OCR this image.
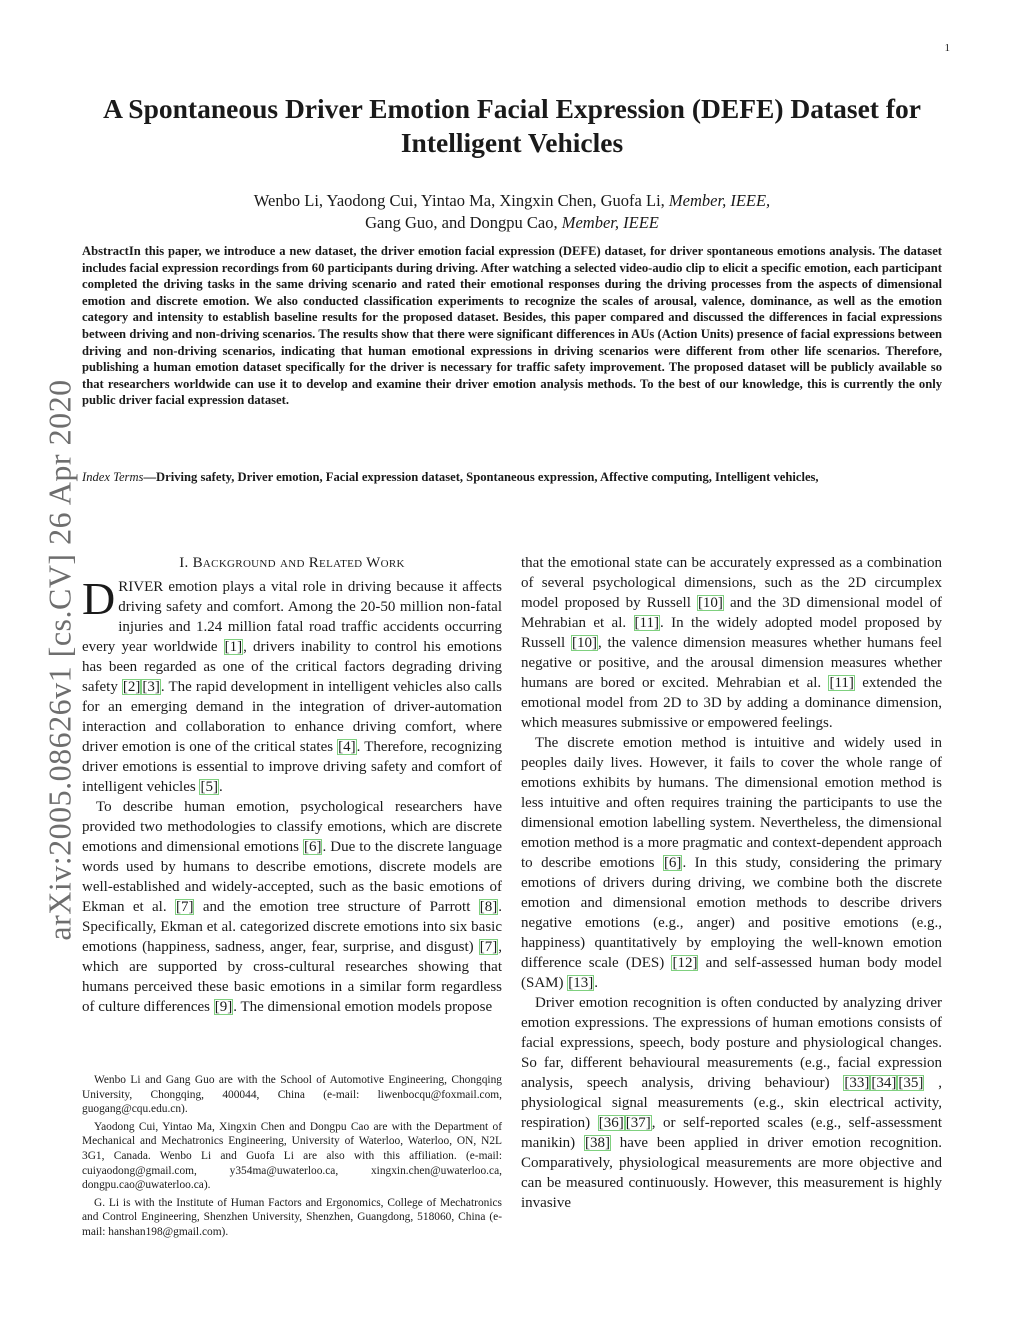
1
arXiv:2005.08626v1 [cs.CV] 26 Apr 2020
A Spontaneous Driver Emotion Facial Expression (DEFE) Dataset for Intelligent Vehicles
Wenbo Li, Yaodong Cui, Yintao Ma, Xingxin Chen, Guofa Li, Member, IEEE,
Gang Guo, and Dongpu Cao, Member, IEEE
AbstractIn this paper, we introduce a new dataset, the driver emotion facial expression (DEFE) dataset, for driver spontaneous emotions analysis. The dataset includes facial expression recordings from 60 participants during driving. After watching a selected video-audio clip to elicit a specific emotion, each participant completed the driving tasks in the same driving scenario and rated their emotional responses during the driving processes from the aspects of dimensional emotion and discrete emotion. We also conducted classification experiments to recognize the scales of arousal, valence, dominance, as well as the emotion category and intensity to establish baseline results for the proposed dataset. Besides, this paper compared and discussed the differences in facial expressions between driving and non-driving scenarios. The results show that there were significant differences in AUs (Action Units) presence of facial expressions between driving and non-driving scenarios, indicating that human emotional expressions in driving scenarios were different from other life scenarios. Therefore, publishing a human emotion dataset specifically for the driver is necessary for traffic safety improvement. The proposed dataset will be publicly available so that researchers worldwide can use it to develop and examine their driver emotion analysis methods. To the best of our knowledge, this is currently the only public driver facial expression dataset.
Index Terms—Driving safety, Driver emotion, Facial expression dataset, Spontaneous expression, Affective computing, Intelligent vehicles,
I. Background and Related Work

DRIVER emotion plays a vital role in driving because it affects driving safety and comfort. Among the 20-50 million non-fatal injuries and 1.24 million fatal road traffic accidents occurring every year worldwide [1], drivers inability to control his emotions has been regarded as one of the critical factors degrading driving safety [2] [3]. The rapid development in intelligent vehicles also calls for an emerging demand in the integration of driver-automation interaction and collaboration to enhance driving comfort, where driver emotion is one of the critical states [4]. Therefore, recognizing driver emotions is essential to improve driving safety and comfort of intelligent vehicles [5].

To describe human emotion, psychological researchers have provided two methodologies to classify emotions, which are discrete emotions and dimensional emotions [6]. Due to the discrete language words used by humans to describe emotions, discrete models are well-established and widely-accepted, such as the basic emotions of Ekman et al. [7] and the emotion tree structure of Parrott [8]. Specifically, Ekman et al. categorized discrete emotions into six basic emotions (happiness, sadness, anger, fear, surprise, and disgust) [7], which are supported by cross-cultural researches showing that humans perceived these basic emotions in a similar form regardless of culture differences [9]. The dimensional emotion models propose

Wenbo Li and Gang Guo are with the School of Automotive Engineering, Chongqing University, Chongqing, 400044, China (e-mail: liwenbocqu@foxmail.com, guogang@cqu.edu.cn).

Yaodong Cui, Yintao Ma, Xingxin Chen and Dongpu Cao are with the Department of Mechanical and Mechatronics Engineering, University of Waterloo, Waterloo, ON, N2L 3G1, Canada. Wenbo Li and Guofa Li are also with this affiliation. (e-mail: cuiyaodong@gmail.com, y354ma@uwaterloo.ca, xingxin.chen@uwaterloo.ca, dongpu.cao@uwaterloo.ca).

G. Li is with the Institute of Human Factors and Ergonomics, College of Mechatronics and Control Engineering, Shenzhen University, Shenzhen, Guangdong, 518060, China (e-mail: hanshan198@gmail.com).

that the emotional state can be accurately expressed as a combination of several psychological dimensions, such as the 2D circumplex model proposed by Russell [10] and the 3D dimensional model of Mehrabian et al. [11]. In the widely adopted model proposed by Russell [10], the valence dimension measures whether humans feel negative or positive, and the arousal dimension measures whether humans are bored or excited. Mehrabian et al. [11] extended the emotional model from 2D to 3D by adding a dominance dimension, which measures submissive or empowered feelings.

The discrete emotion method is intuitive and widely used in peoples daily lives. However, it fails to cover the whole range of emotions exhibits by humans. The dimensional emotion method is less intuitive and often requires training the participants to use the dimensional emotion labelling system. Nevertheless, the dimensional emotion method is a more pragmatic and context-dependent approach to describe emotions [6]. In this study, considering the primary emotions of drivers during driving, we combine both the discrete emotion and dimensional emotion methods to describe drivers negative emotions (e.g., anger) and positive emotions (e.g., happiness) quantitatively by employing the well-known emotion difference scale (DES) [12] and self-assessed human body model (SAM) [13].

Driver emotion recognition is often conducted by analyzing driver emotion expressions. The expressions of human emotions consists of facial expressions, speech, body posture and physiological changes. So far, different behavioural measurements (e.g., facial expression analysis, speech analysis, driving behaviour) [33] [34] [35] , physiological signal measurements (e.g., skin electrical activity, respiration) [36] [37], or self-reported scales (e.g., self-assessment manikin) [38] have been applied in driver emotion recognition. Comparatively, physiological measurements are more objective and can be measured continuously. However, this measurement is highly invasive
